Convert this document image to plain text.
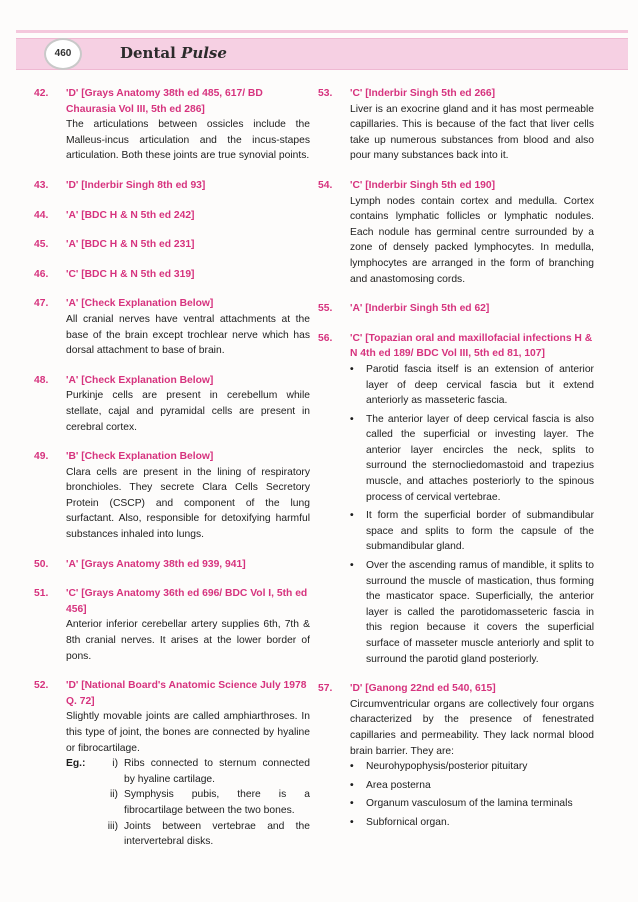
460	Dental Pulse
42.	'D' [Grays Anatomy 38th ed 485, 617/ BD Chaurasia Vol III, 5th ed 286]
The articulations between ossicles include the Malleus-incus articulation and the incus-stapes articulation. Both these joints are true synovial points.
43.	'D' [Inderbir Singh 8th ed 93]
44.	'A' [BDC H & N 5th ed 242]
45.	'A' [BDC H & N 5th ed 231]
46.	'C' [BDC H & N 5th ed 319]
47.	'A' [Check Explanation Below]
All cranial nerves have ventral attachments at the base of the brain except trochlear nerve which has dorsal attachment to base of brain.
48.	'A' [Check Explanation Below]
Purkinje cells are present in cerebellum while stellate, cajal and pyramidal cells are present in cerebral cortex.
49.	'B' [Check Explanation Below]
Clara cells are present in the lining of respiratory bronchioles. They secrete Clara Cells Secretory Protein (CSCP) and component of the lung surfactant. Also, responsible for detoxifying harmful substances inhaled into lungs.
50.	'A' [Grays Anatomy 38th ed 939, 941]
51.	'C' [Grays Anatomy 36th ed 696/ BDC Vol I, 5th ed 456]
Anterior inferior cerebellar artery supplies 6th, 7th & 8th cranial nerves. It arises at the lower border of pons.
52.	'D' [National Board's Anatomic Science July 1978 Q. 72]
Slightly movable joints are called amphiarthroses. In this type of joint, the bones are connected by hyaline or fibrocartilage.
Eg.:	i) Ribs connected to sternum connected by hyaline cartilage.
ii) Symphysis pubis, there is a fibrocartilage between the two bones.
iii) Joints between vertebrae and the intervertebral disks.
53.	'C' [Inderbir Singh 5th ed 266]
Liver is an exocrine gland and it has most permeable capillaries. This is because of the fact that liver cells take up numerous substances from blood and also pour many substances back into it.
54.	'C' [Inderbir Singh 5th ed 190]
Lymph nodes contain cortex and medulla. Cortex contains lymphatic follicles or lymphatic nodules. Each nodule has germinal centre surrounded by a zone of densely packed lymphocytes. In medulla, lymphocytes are arranged in the form of branching and anastomosing cords.
55.	'A' [Inderbir Singh 5th ed 62]
56.	'C' [Topazian oral and maxillofacial infections H & N 4th ed 189/ BDC Vol III, 5th ed 81, 107]
•	Parotid fascia itself is an extension of anterior layer of deep cervical fascia but it extend anteriorly as masseteric fascia.
•	The anterior layer of deep cervical fascia is also called the superficial or investing layer. The anterior layer encircles the neck, splits to surround the sternocliedomastoid and trapezius muscle, and attaches posteriorly to the spinous process of cervical vertebrae.
•	It form the superficial border of submandibular space and splits to form the capsule of the submandibular gland.
•	Over the ascending ramus of mandible, it splits to surround the muscle of mastication, thus forming the masticator space. Superficially, the anterior layer is called the parotidomasseteric fascia in this region because it covers the superficial surface of masseter muscle anteriorly and split to surround the parotid gland posteriorly.
57.	'D' [Ganong 22nd ed 540, 615]
Circumventricular organs are collectively four organs characterized by the presence of fenestrated capillaries and permeability. They lack normal blood brain barrier. They are:
•	Neurohypophysis/posterior pituitary
•	Area posterna
•	Organum vasculosum of the lamina terminals
•	Subfornical organ.
